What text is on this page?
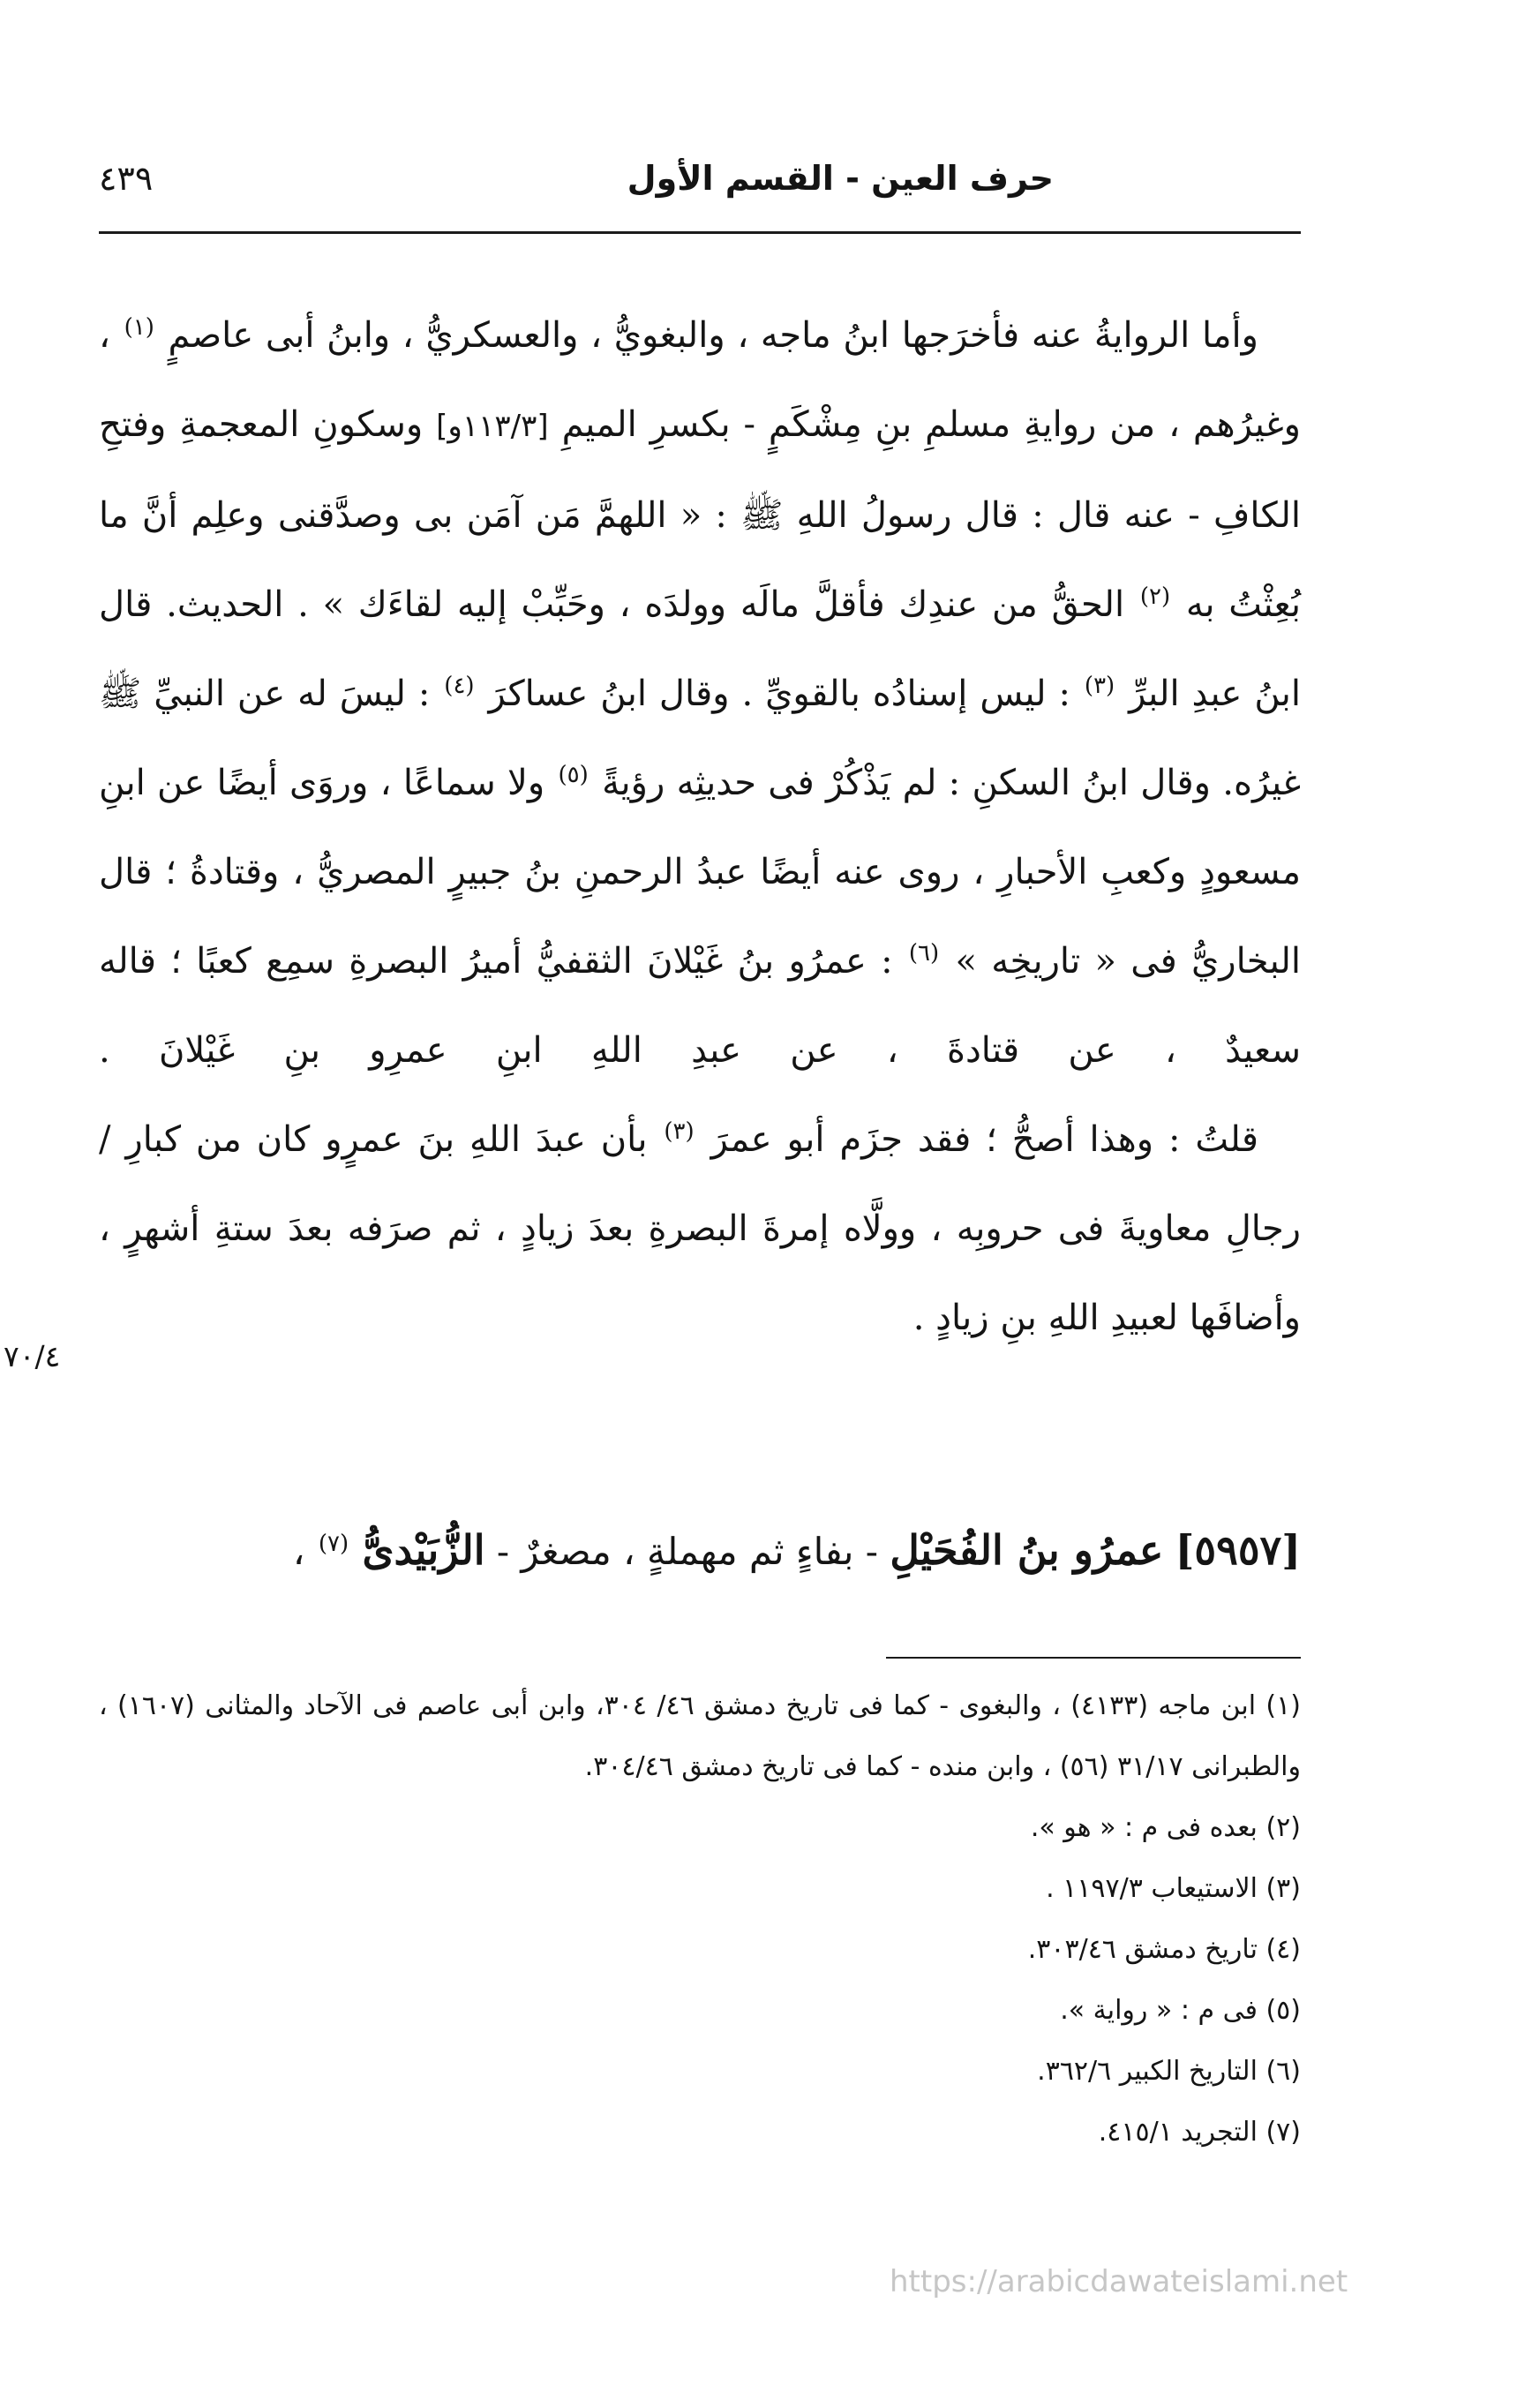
٤٣٩	حرف العين - القسم الأول

وأما الروايةُ عنه فأخرَجها ابنُ ماجه ، والبغويُّ ، والعسكريُّ ، وابنُ أبى عاصمٍ $^{(١)}$ ، وغيرُهم ، من روايةِ مسلمِ بنِ مِشْكَمٍ - بكسرِ الميمِ [١١٣/٣و] وسكونِ المعجمةِ وفتحِ الكافِ - عنه قال : قال رسولُ اللهِ ﷺ : « اللهمَّ مَن آمَن بى وصدَّقنى وعلِم أنَّ ما بُعِثْتُ به $^{(٢)}$ الحقُّ من عندِك فأقلَّ مالَه وولدَه ، وحَبِّبْ إليه لقاءَك » . الحديث. قال ابنُ عبدِ البرِّ $^{(٣)}$ : ليس إسنادُه بالقويِّ . وقال ابنُ عساكرَ $^{(٤)}$ : ليسَ له عن النبيِّ ﷺ غيرُه. وقال ابنُ السكنِ : لم يَذْكُرْ فى حديثِه رؤيةً $^{(٥)}$ ولا سماعًا ، وروَى أيضًا عن ابنِ مسعودٍ وكعبِ الأحبارِ ، روى عنه أيضًا عبدُ الرحمنِ بنُ جبيرٍ المصريُّ ، وقتادةُ ؛ قال البخاريُّ فى « تاريخِه » $^{(٦)}$ : عمرُو بنُ غَيْلانَ الثقفيُّ أميرُ البصرةِ سمِع كعبًا ؛ قاله سعيدٌ ، عن قتادةَ ، عن عبدِ اللهِ ابنِ عمرِو بنِ غَيْلانَ .

قلتُ : وهذا أصحُّ ؛ فقد جزَم أبو عمرَ $^{(٣)}$ بأن عبدَ اللهِ بنَ عمرٍو كان من كبارِ / رجالِ معاويةَ فى حروبِه ، وولَّاه إمرةَ البصرةِ بعدَ زيادٍ ، ثم صرَفه بعدَ ستةِ أشهرٍ ، وأضافَها لعبيدِ اللهِ بنِ زيادٍ .

٧٠/٤
[٥٩٥٧] عمرُو بنُ الفُحَيْلِ - بفاءٍ ثم مهملةٍ ، مصغرٌ - الزُّبَيْدىُّ $^{(٧)}$ ،
(١) ابن ماجه (٤١٣٣) ، والبغوى - كما فى تاريخ دمشق ٤٦/ ٣٠٤، وابن أبى عاصم فى الآحاد والمثانى (١٦٠٧) ، والطبرانى ٣١/١٧ (٥٦) ، وابن منده - كما فى تاريخ دمشق ٣٠٤/٤٦.
(٢) بعده فى م : « هو ».
(٣) الاستيعاب ١١٩٧/٣ .
(٤) تاريخ دمشق ٣٠٣/٤٦.
(٥) فى م : « رواية ».
(٦) التاريخ الكبير ٣٦٢/٦.
(٧) التجريد ٤١٥/١.
https://arabicdawateislami.net
